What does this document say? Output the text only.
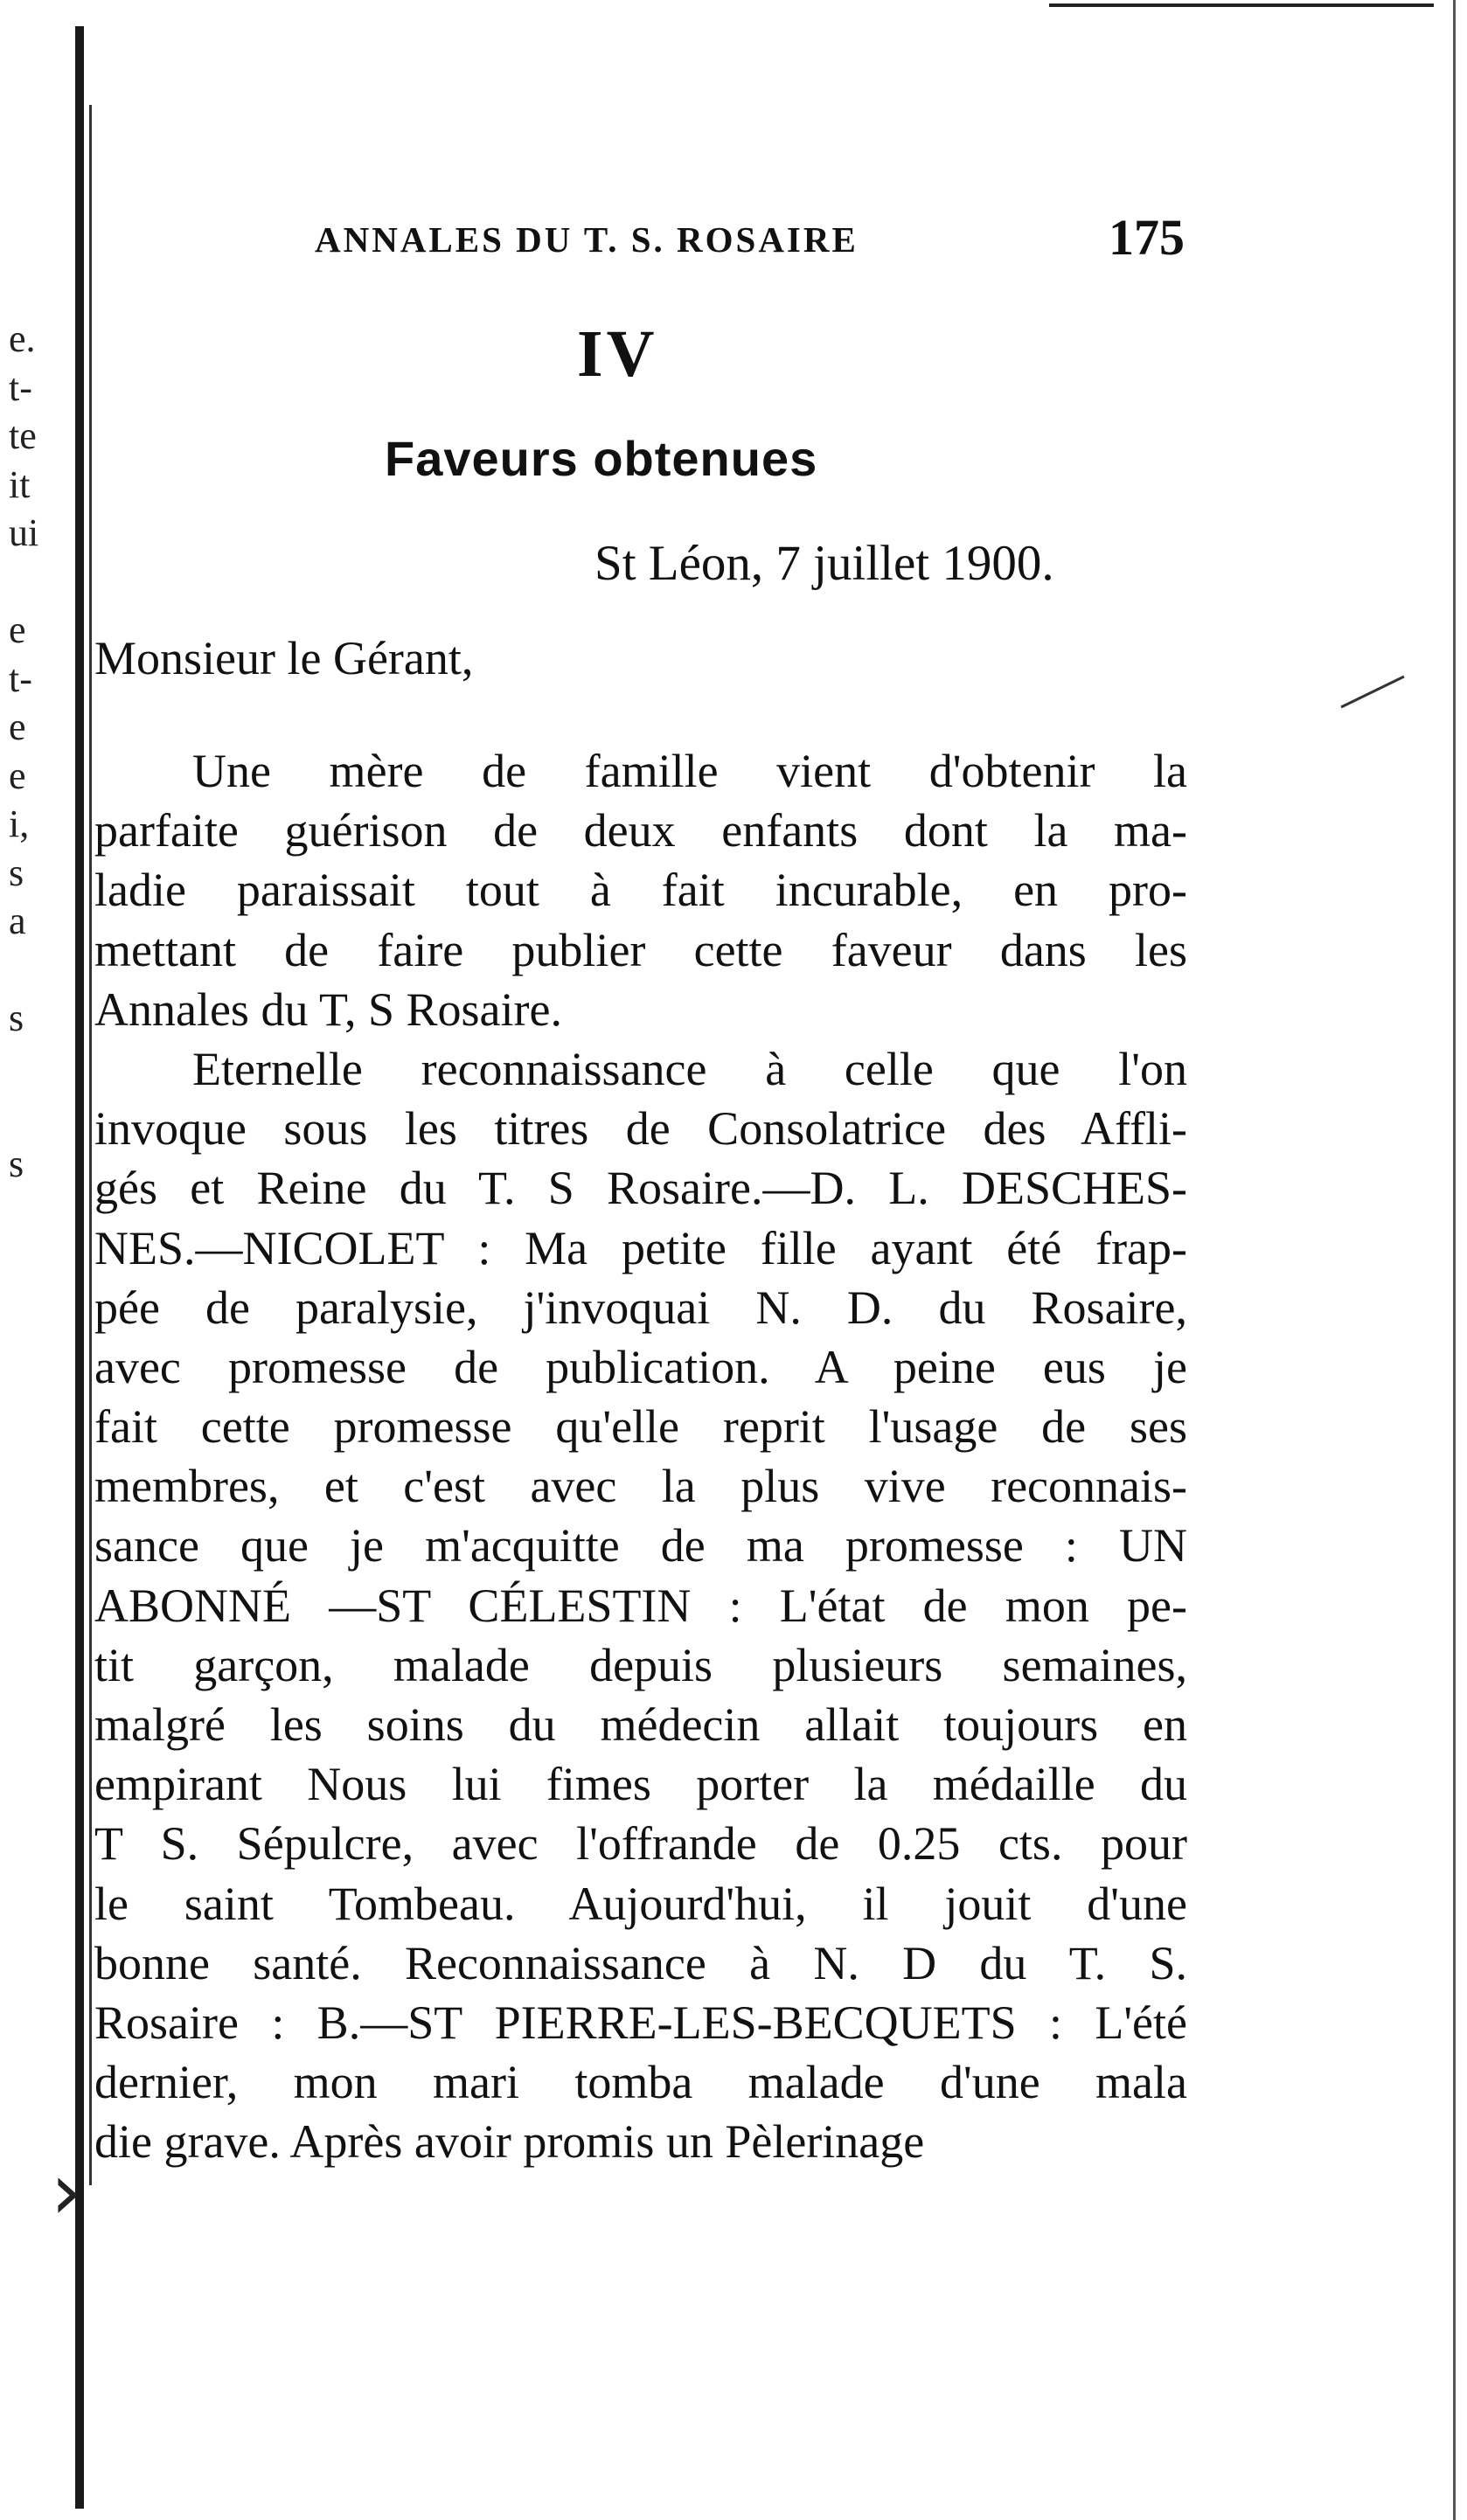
e.
t-
te
it
ui
e
t-
e
e
i,
s
a
s
s
ANNALES DU T. S. ROSAIRE	175
IV
Faveurs obtenues
St Léon, 7 juillet 1900.
Monsieur le Gérant,
Une mère de famille vient d'obtenir la
parfaite guérison de deux enfants dont la ma-
ladie paraissait tout à fait incurable, en pro-
mettant de faire publier cette faveur dans les
Annales du T, S Rosaire.
Eternelle reconnaissance à celle que l'on
invoque sous les titres de Consolatrice des Affli-
gés et Reine du T. S Rosaire.—D. L. DESCHES-
NES.—NICOLET : Ma petite fille ayant été frap-
pée de paralysie, j'invoquai N. D. du Rosaire,
avec promesse de publication. A peine eus je
fait cette promesse qu'elle reprit l'usage de ses
membres, et c'est avec la plus vive reconnais-
sance que je m'acquitte de ma promesse : UN
ABONNÉ —ST CÉLESTIN : L'état de mon pe-
tit garçon, malade depuis plusieurs semaines,
malgré les soins du médecin allait toujours en
empirant Nous lui fimes porter la médaille du
T S. Sépulcre, avec l'offrande de 0.25 cts. pour
le saint Tombeau. Aujourd'hui, il jouit d'une
bonne santé. Reconnaissance à N. D du T. S.
Rosaire : B.—ST PIERRE-LES-BECQUETS : L'été
dernier, mon mari tomba malade d'une mala
die grave. Après avoir promis un Pèlerinage
›
